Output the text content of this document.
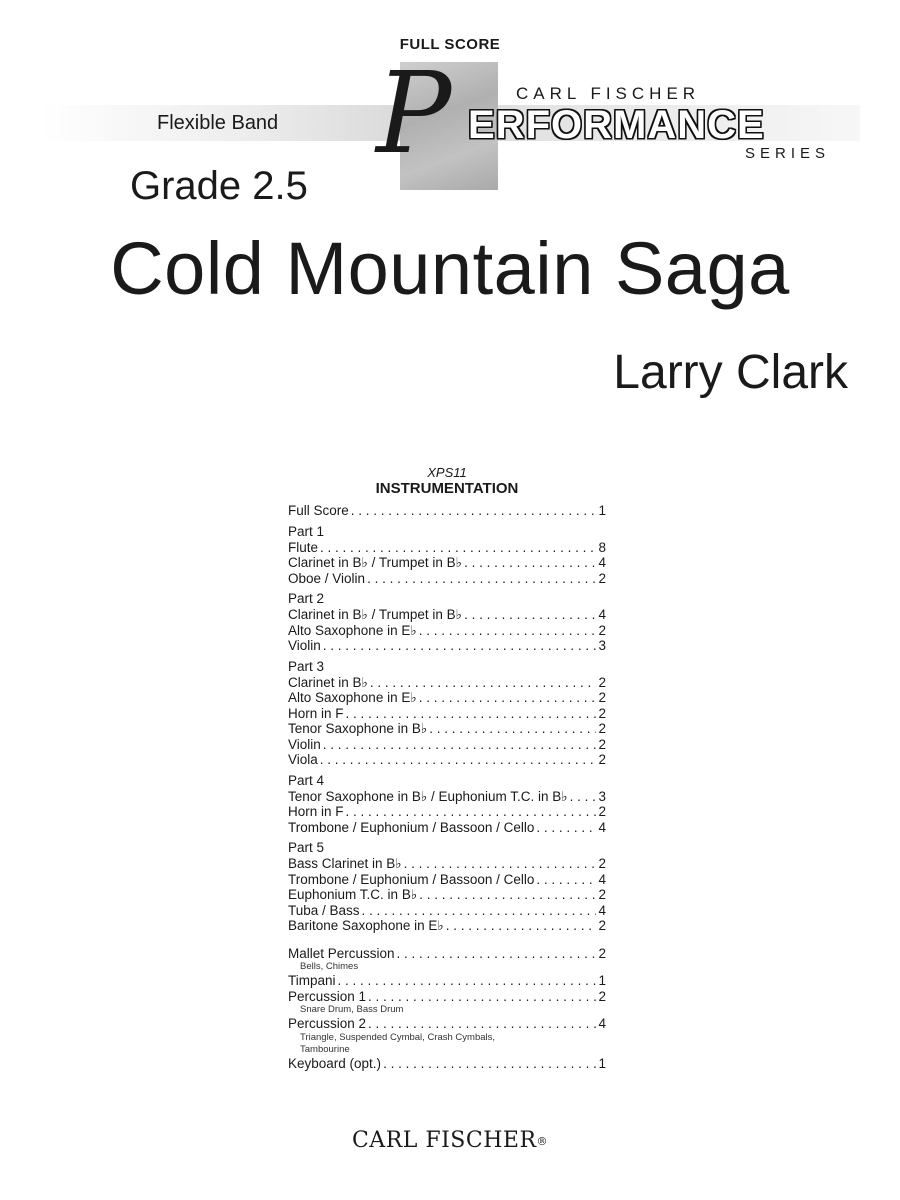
FULL SCORE
Flexible Band P	CARL FISCHER
ERFORMANCE
SERIES
Grade 2.5
Cold Mountain Saga
Larry Clark
XPS11
INSTRUMENTATION
Full Score . . .	1
Part 1
Flute . . .	8
Clarinet in B♭ / Trumpet in B♭ . . .	4
Oboe / Violin . . .	2
Part 2
Clarinet in B♭ / Trumpet in B♭ . . .	4
Alto Saxophone in E♭ . . .	2
Violin . . .	3
Part 3
Clarinet in B♭ . . .	2
Alto Saxophone in E♭ . . .	2
Horn in F . . .	2
Tenor Saxophone in B♭ . . .	2
Violin . . .	2
Viola . . .	2
Part 4
Tenor Saxophone in B♭ / Euphonium T.C. in B♭ . . . 3
Horn in F . . .	2
Trombone / Euphonium / Bassoon / Cello . . .	4
Part 5
Bass Clarinet in B♭ . . .	2
Trombone / Euphonium / Bassoon / Cello . . .	4
Euphonium T.C. in B♭ . . .	2
Tuba / Bass . . .	4
Baritone Saxophone in E♭ . . .	2
Mallet Percussion . . .	2
Bells, Chimes
Timpani . . .	1
Percussion 1 . . .	2
Snare Drum, Bass Drum
Percussion 2 . . .	4
Triangle, Suspended Cymbal, Crash Cymbals,
Tambourine
Keyboard (opt.) . . .	1
CARL FISCHER®
